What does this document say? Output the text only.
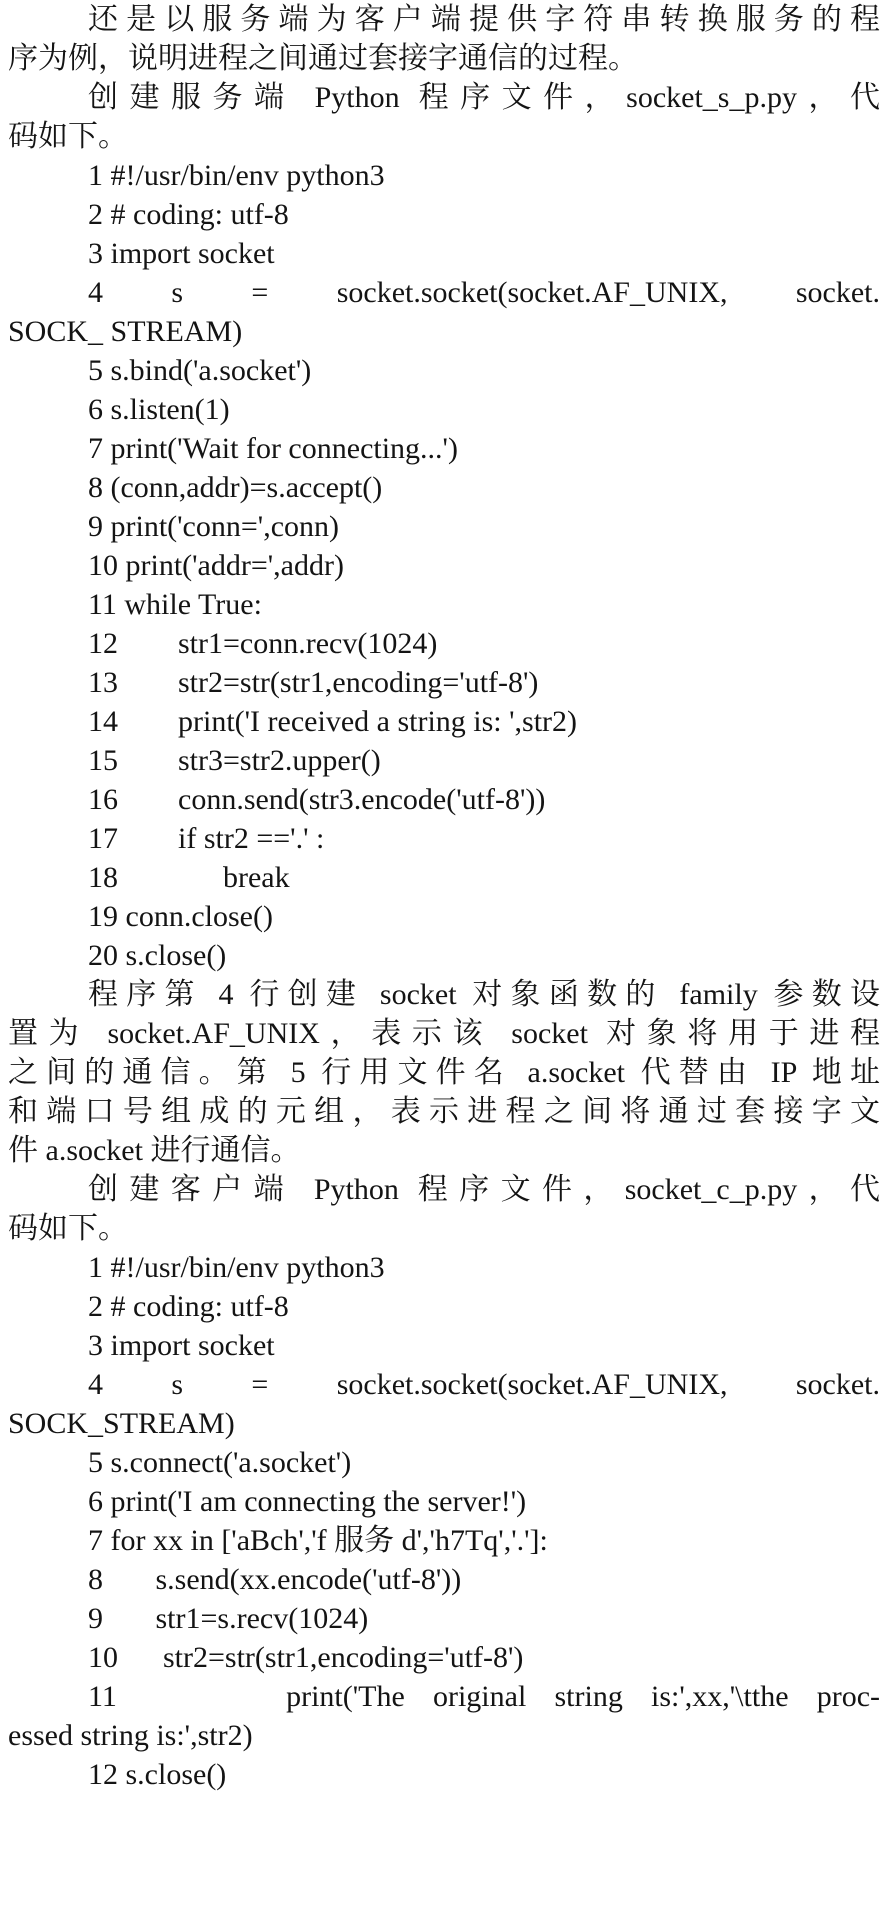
还是以服务端为客户端提供字符串转换服务的程
序为例，说明进程之间通过套接字通信的过程。
创建服务端 Python 程序文件，socket_s_p.py，代
码如下。
1 #!/usr/bin/env python3
2 # coding: utf-8
3 import socket
4    s    =    socket.socket(socket.AF_UNIX,    socket.
SOCK_ STREAM)
5 s.bind('a.socket')
6 s.listen(1)
7 print('Wait for connecting...')
8 (conn,addr)=s.accept()
9 print('conn=',conn)
10 print('addr=',addr)
11 while True:
12        str1=conn.recv(1024)
13        str2=str(str1,encoding='utf-8')
14        print('I received a string is: ',str2)
15        str3=str2.upper()
16        conn.send(str3.encode('utf-8'))
17        if str2 =='.' :
18              break
19 conn.close()
20 s.close()
程序第 4 行创建 socket 对象函数的 family 参数设
置为 socket.AF_UNIX，表示该 socket 对象将用于进程
之间的通信。第 5 行用文件名 a.socket 代替由 IP 地址
和端口号组成的元组，表示进程之间将通过套接字文
件 a.socket 进行通信。
创建客户端 Python 程序文件，socket_c_p.py，代
码如下。
1 #!/usr/bin/env python3
2 # coding: utf-8
3 import socket
4    s    =    socket.socket(socket.AF_UNIX,    socket.
SOCK_STREAM)
5 s.connect('a.socket')
6 print('I am connecting the server!')
7 for xx in ['aBch','f 服务 d','h7Tq','.']:
8       s.send(xx.encode('utf-8'))
9       str1=s.recv(1024)
10      str2=str(str1,encoding='utf-8')
11      print('The original string is:',xx,'\tthe proc-
essed string is:',str2)
12 s.close()
